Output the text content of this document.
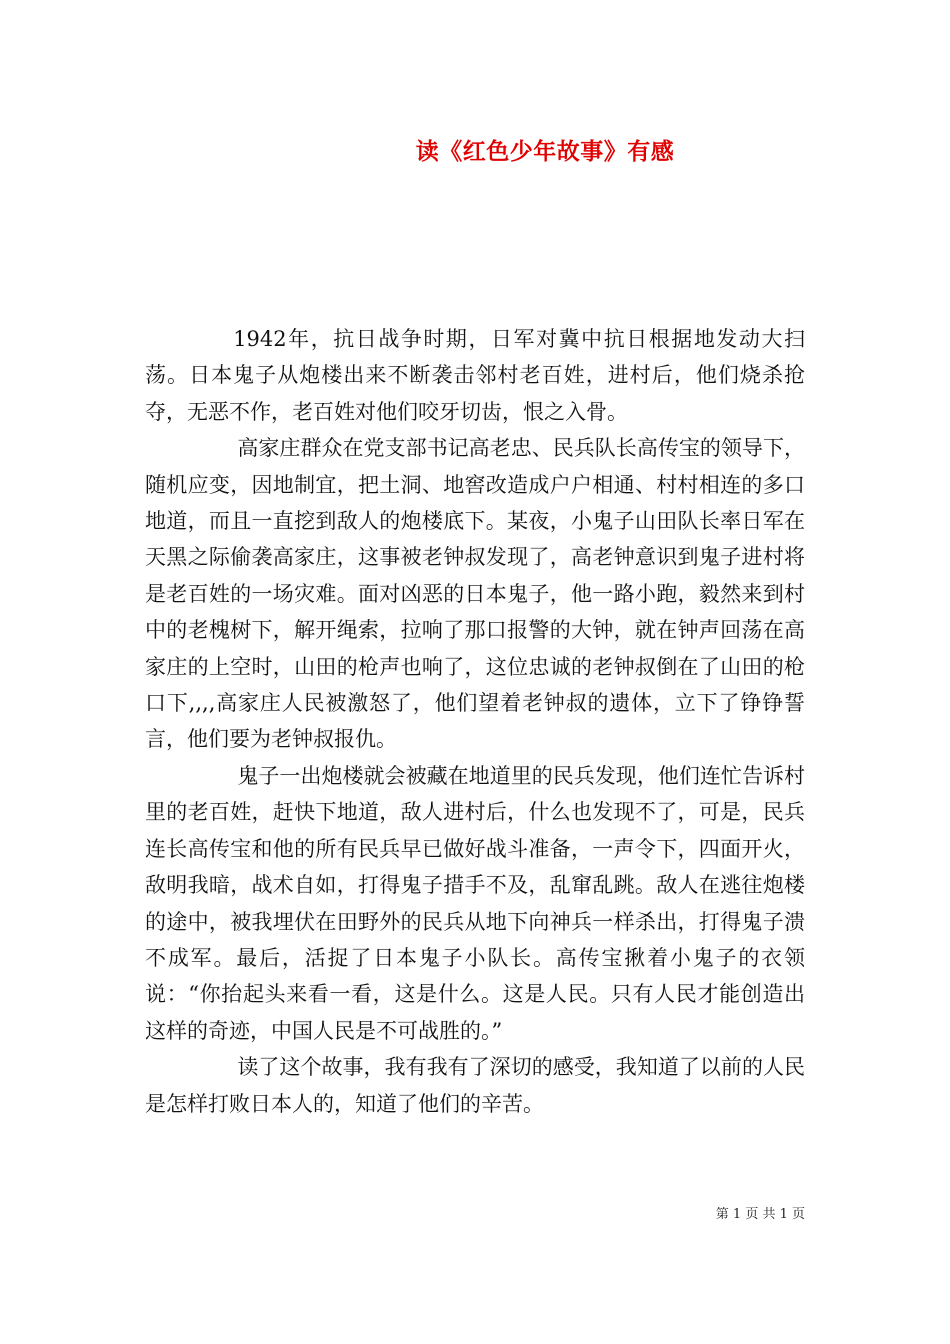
读《红色少年故事》有感

1942年，抗日战争时期，日军对冀中抗日根据地发动大扫荡。日本鬼子从炮楼出来不断袭击邻村老百姓，进村后，他们烧杀抢夺，无恶不作，老百姓对他们咬牙切齿，恨之入骨。

高家庄群众在党支部书记高老忠、民兵队长高传宝的领导下，随机应变，因地制宜，把土洞、地窖改造成户户相通、村村相连的多口地道，而且一直挖到敌人的炮楼底下。某夜，小鬼子山田队长率日军在天黑之际偷袭高家庄，这事被老钟叔发现了，高老钟意识到鬼子进村将是老百姓的一场灾难。面对凶恶的日本鬼子，他一路小跑，毅然来到村中的老槐树下，解开绳索，拉响了那口报警的大钟，就在钟声回荡在高家庄的上空时，山田的枪声也响了，这位忠诚的老钟叔倒在了山田的枪口下,,,,高家庄人民被激怒了，他们望着老钟叔的遗体，立下了铮铮誓言，他们要为老钟叔报仇。

鬼子一出炮楼就会被藏在地道里的民兵发现，他们连忙告诉村里的老百姓，赶快下地道，敌人进村后，什么也发现不了，可是，民兵连长高传宝和他的所有民兵早已做好战斗准备，一声令下，四面开火，敌明我暗，战术自如，打得鬼子措手不及，乱窜乱跳。敌人在逃往炮楼的途中，被我埋伏在田野外的民兵从地下向神兵一样杀出，打得鬼子溃不成军。最后，活捉了日本鬼子小队长。高传宝揪着小鬼子的衣领说：“你抬起头来看一看，这是什么。这是人民。只有人民才能创造出这样的奇迹，中国人民是不可战胜的。”

读了这个故事，我有我有了深切的感受，我知道了以前的人民是怎样打败日本人的，知道了他们的辛苦。

第 1 页 共 1 页
